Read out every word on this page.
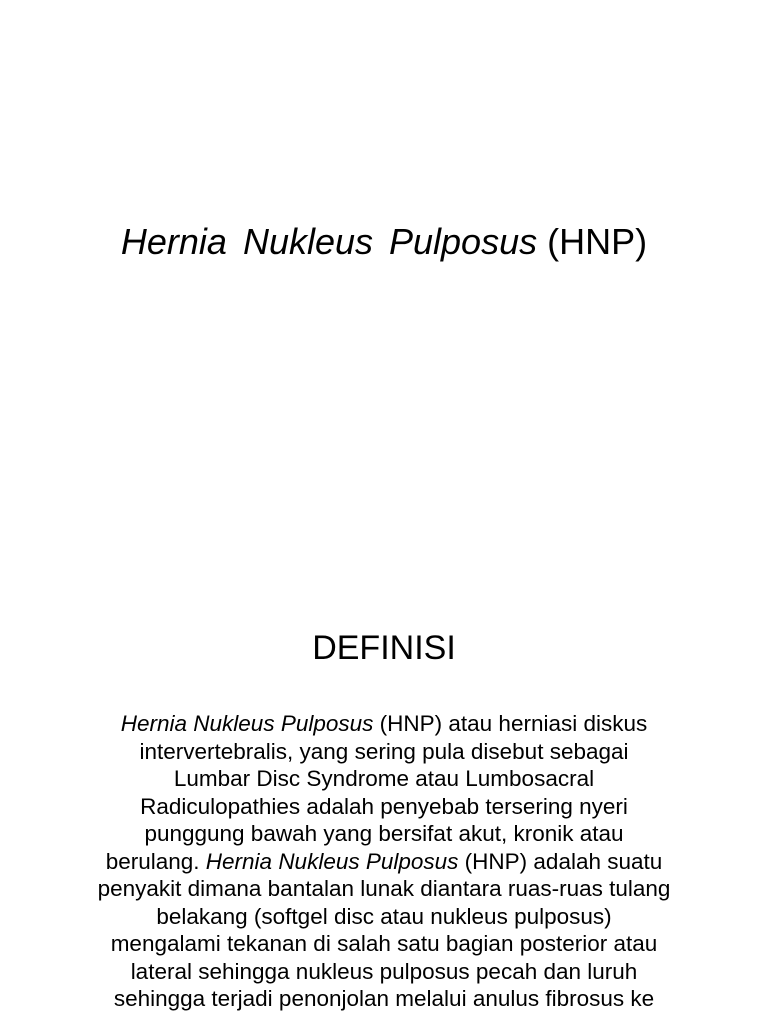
Hernia Nukleus Pulposus (HNP)
DEFINISI
Hernia Nukleus Pulposus (HNP) atau herniasi diskus
intervertebralis, yang sering pula disebut sebagai
Lumbar Disc Syndrome atau Lumbosacral
Radiculopathies adalah penyebab tersering nyeri
punggung bawah yang bersifat akut, kronik atau
berulang. Hernia Nukleus Pulposus (HNP) adalah suatu
penyakit dimana bantalan lunak diantara ruas-ruas tulang
belakang (softgel disc atau nukleus pulposus)
mengalami tekanan di salah satu bagian posterior atau
lateral sehingga nukleus pulposus pecah dan luruh
sehingga terjadi penonjolan melalui anulus fibrosus ke
